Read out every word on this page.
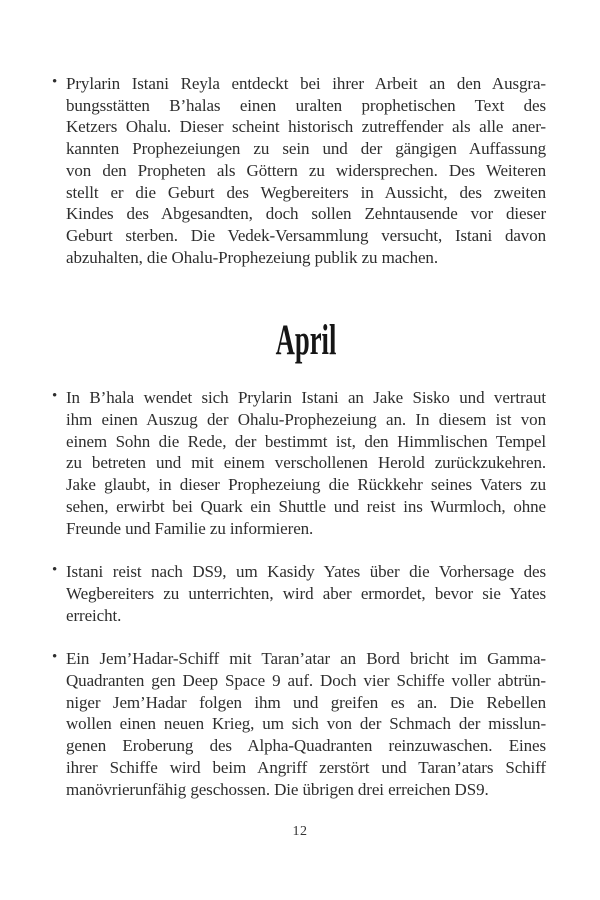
• Prylarin Istani Reyla entdeckt bei ihrer Arbeit an den Ausgra-
bungsstätten B’halas einen uralten prophetischen Text des
Ketzers Ohalu. Dieser scheint historisch zutreffender als alle aner-
kannten Prophezeiungen zu sein und der gängigen Auffassung
von den Propheten als Göttern zu widersprechen. Des Weiteren
stellt er die Geburt des Wegbereiters in Aussicht, des zweiten
Kindes des Abgesandten, doch sollen Zehntausende vor dieser
Geburt sterben. Die Vedek-Versammlung versucht, Istani davon
abzuhalten, die Ohalu-Prophezeiung publik zu machen.
April
• In B’hala wendet sich Prylarin Istani an Jake Sisko und vertraut
ihm einen Auszug der Ohalu-Prophezeiung an. In diesem ist von
einem Sohn die Rede, der bestimmt ist, den Himmlischen Tempel
zu betreten und mit einem verschollenen Herold zurückzukehren.
Jake glaubt, in dieser Prophezeiung die Rückkehr seines Vaters zu
sehen, erwirbt bei Quark ein Shuttle und reist ins Wurmloch, ohne
Freunde und Familie zu informieren.
• Istani reist nach DS9, um Kasidy Yates über die Vorhersage des
Wegbereiters zu unterrichten, wird aber ermordet, bevor sie Yates
erreicht.
• Ein Jem’Hadar-Schiff mit Taran’atar an Bord bricht im Gamma-
Quadranten gen Deep Space 9 auf. Doch vier Schiffe voller abtrün-
niger Jem’Hadar folgen ihm und greifen es an. Die Rebellen
wollen einen neuen Krieg, um sich von der Schmach der misslun-
genen Eroberung des Alpha-Quadranten reinzuwaschen. Eines
ihrer Schiffe wird beim Angriff zerstört und Taran’atars Schiff
manövrierunfähig geschossen. Die übrigen drei erreichen DS9.
12
